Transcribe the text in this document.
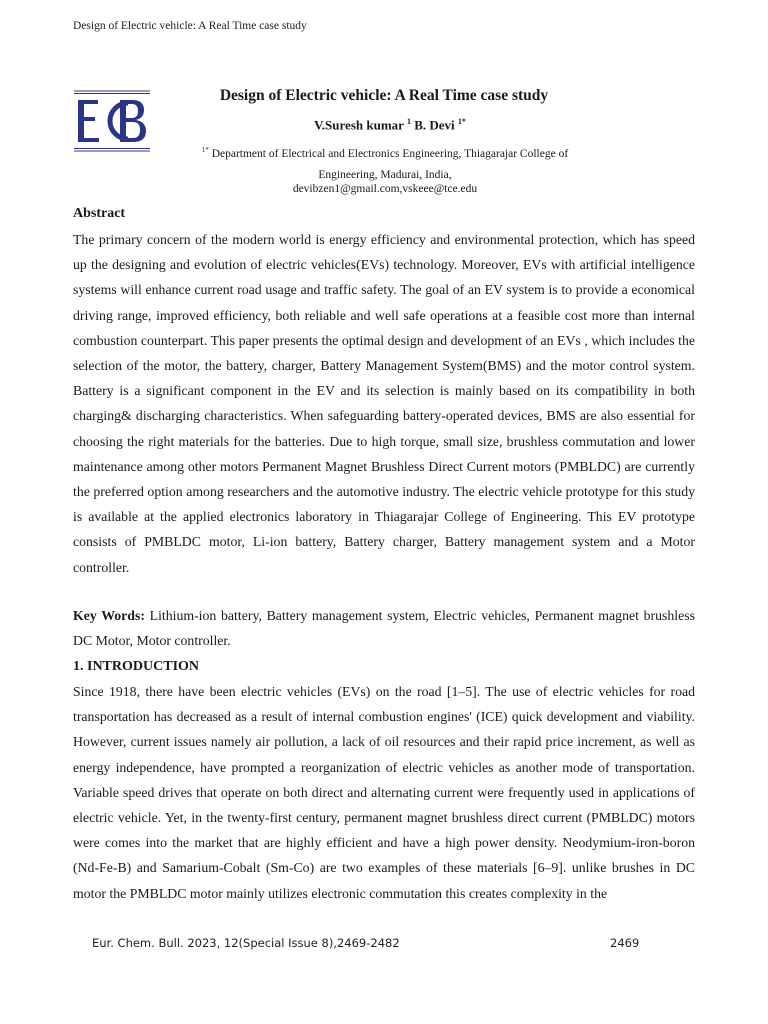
Design of Electric vehicle: A Real Time case study
Design of Electric vehicle: A Real Time case study
V.Suresh kumar $^1$ B. Devi $^{1*}$
$^{1*}$ Department of Electrical and Electronics Engineering, Thiagarajar College of Engineering, Madurai, India,
devibzen1@gmail.com,vskeee@tce.edu
Abstract
The primary concern of the modern world is energy efficiency and environmental protection, which has speed up the designing and evolution of electric vehicles(EVs) technology. Moreover, EVs with artificial intelligence systems will enhance current road usage and traffic safety. The goal of an EV system is to provide a economical driving range, improved efficiency, both reliable and well safe operations at a feasible cost more than internal combustion counterpart. This paper presents the optimal design and development of an EVs , which includes the selection of the motor, the battery, charger, Battery Management System(BMS) and the motor control system. Battery is a significant component in the EV and its selection is mainly based on its compatibility in both charging& discharging characteristics. When safeguarding battery-operated devices, BMS are also essential for choosing the right materials for the batteries. Due to high torque, small size, brushless commutation and lower maintenance among other motors Permanent Magnet Brushless Direct Current motors (PMBLDC) are currently the preferred option among researchers and the automotive industry. The electric vehicle prototype for this study is available at the applied electronics laboratory in Thiagarajar College of Engineering. This EV prototype consists of PMBLDC motor, Li-ion battery, Battery charger, Battery management system and a Motor controller.
Key Words: Lithium-ion battery, Battery management system, Electric vehicles, Permanent magnet brushless DC Motor, Motor controller.
1. INTRODUCTION
Since 1918, there have been electric vehicles (EVs) on the road [1–5]. The use of electric vehicles for road transportation has decreased as a result of internal combustion engines' (ICE) quick development and viability. However, current issues namely air pollution, a lack of oil resources and their rapid price increment, as well as energy independence, have prompted a reorganization of electric vehicles as another mode of transportation. Variable speed drives that operate on both direct and alternating current were frequently used in applications of electric vehicle. Yet, in the twenty-first century, permanent magnet brushless direct current (PMBLDC) motors were comes into the market that are highly efficient and have a high power density. Neodymium-iron-boron (Nd-Fe-B) and Samarium-Cobalt (Sm-Co) are two examples of these materials [6–9]. unlike brushes in DC motor the PMBLDC motor mainly utilizes electronic commutation this creates complexity in the
Eur. Chem. Bull. 2023, 12(Special Issue 8),2469-2482	2469
